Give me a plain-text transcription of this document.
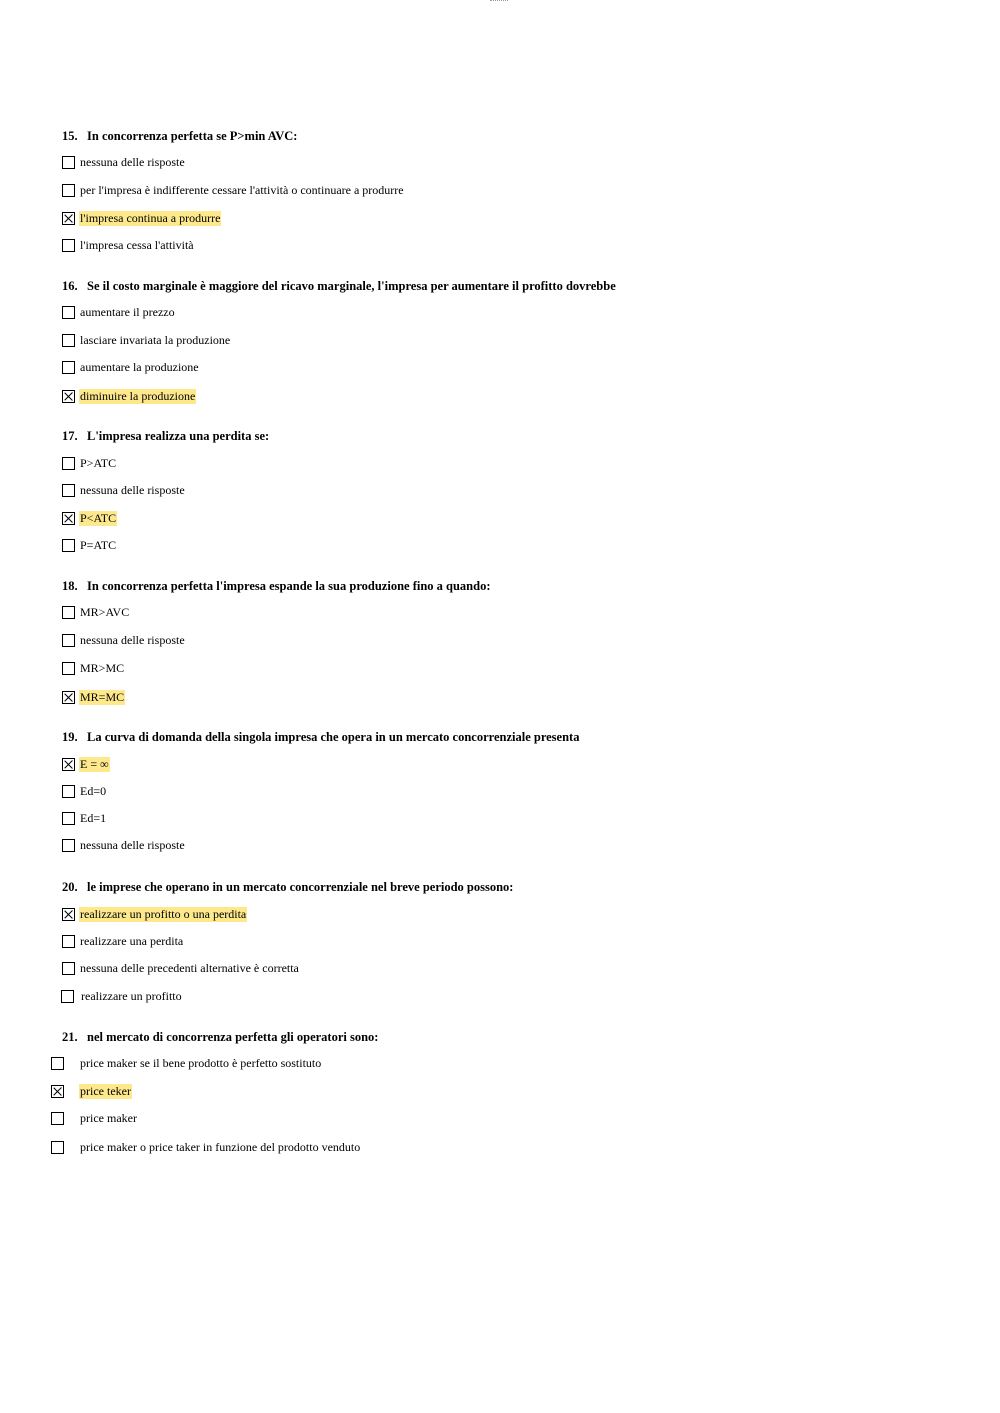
15. In concorrenza perfetta se P>min AVC:
nessuna delle risposte
per l'impresa è indifferente cessare l'attività o continuare a produrre
l'impresa continua a produrre
l'impresa cessa l'attività
16. Se il costo marginale è maggiore del ricavo marginale, l'impresa per aumentare il profitto dovrebbe
aumentare il prezzo
lasciare invariata la produzione
aumentare la produzione
diminuire la produzione
17. L'impresa realizza una perdita se:
P>ATC
nessuna delle risposte
P<ATC
P=ATC
18. In concorrenza perfetta l'impresa espande la sua produzione fino a quando:
MR>AVC
nessuna delle risposte
MR>MC
MR=MC
19. La curva di domanda della singola impresa che opera in un mercato concorrenziale presenta
E = ∞
Ed=0
Ed=1
nessuna delle risposte
20. le imprese che operano in un mercato concorrenziale nel breve periodo possono:
realizzare un profitto o una perdita
realizzare una perdita
nessuna delle precedenti alternative è corretta
realizzare un profitto
21. nel mercato di concorrenza perfetta gli operatori sono:
price maker se il bene prodotto è perfetto sostituto
price teker
price maker
price maker o price taker in funzione del prodotto venduto
